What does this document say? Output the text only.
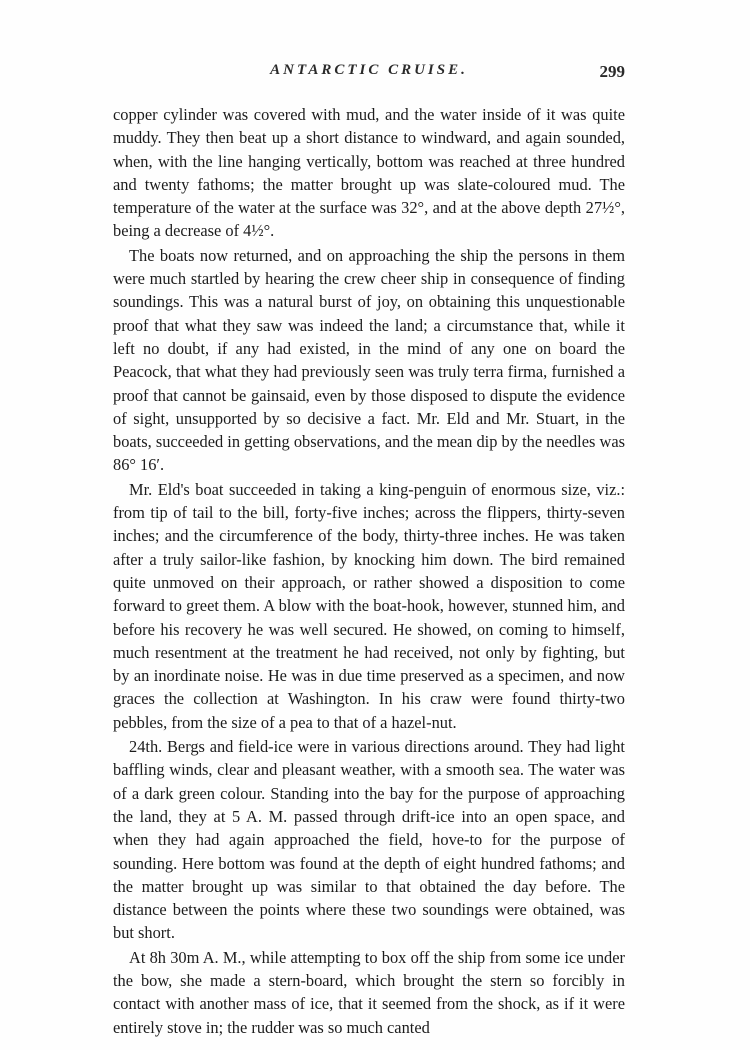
ANTARCTIC CRUISE.	299

copper cylinder was covered with mud, and the water inside of it was quite muddy. They then beat up a short distance to windward, and again sounded, when, with the line hanging vertically, bottom was reached at three hundred and twenty fathoms; the matter brought up was slate-coloured mud. The temperature of the water at the surface was 32°, and at the above depth 27½°, being a decrease of 4½°.

The boats now returned, and on approaching the ship the persons in them were much startled by hearing the crew cheer ship in consequence of finding soundings. This was a natural burst of joy, on obtaining this unquestionable proof that what they saw was indeed the land; a circumstance that, while it left no doubt, if any had existed, in the mind of any one on board the Peacock, that what they had previously seen was truly terra firma, furnished a proof that cannot be gainsaid, even by those disposed to dispute the evidence of sight, unsupported by so decisive a fact. Mr. Eld and Mr. Stuart, in the boats, succeeded in getting observations, and the mean dip by the needles was 86° 16′.

Mr. Eld's boat succeeded in taking a king-penguin of enormous size, viz.: from tip of tail to the bill, forty-five inches; across the flippers, thirty-seven inches; and the circumference of the body, thirty-three inches. He was taken after a truly sailor-like fashion, by knocking him down. The bird remained quite unmoved on their approach, or rather showed a disposition to come forward to greet them. A blow with the boat-hook, however, stunned him, and before his recovery he was well secured. He showed, on coming to himself, much resentment at the treatment he had received, not only by fighting, but by an inordinate noise. He was in due time preserved as a specimen, and now graces the collection at Washington. In his craw were found thirty-two pebbles, from the size of a pea to that of a hazel-nut.

24th. Bergs and field-ice were in various directions around. They had light baffling winds, clear and pleasant weather, with a smooth sea. The water was of a dark green colour. Standing into the bay for the purpose of approaching the land, they at 5 A. M. passed through drift-ice into an open space, and when they had again approached the field, hove-to for the purpose of sounding. Here bottom was found at the depth of eight hundred fathoms; and the matter brought up was similar to that obtained the day before. The distance between the points where these two soundings were obtained, was but short.

At 8h 30m A. M., while attempting to box off the ship from some ice under the bow, she made a stern-board, which brought the stern so forcibly in contact with another mass of ice, that it seemed from the shock, as if it were entirely stove in; the rudder was so much canted
